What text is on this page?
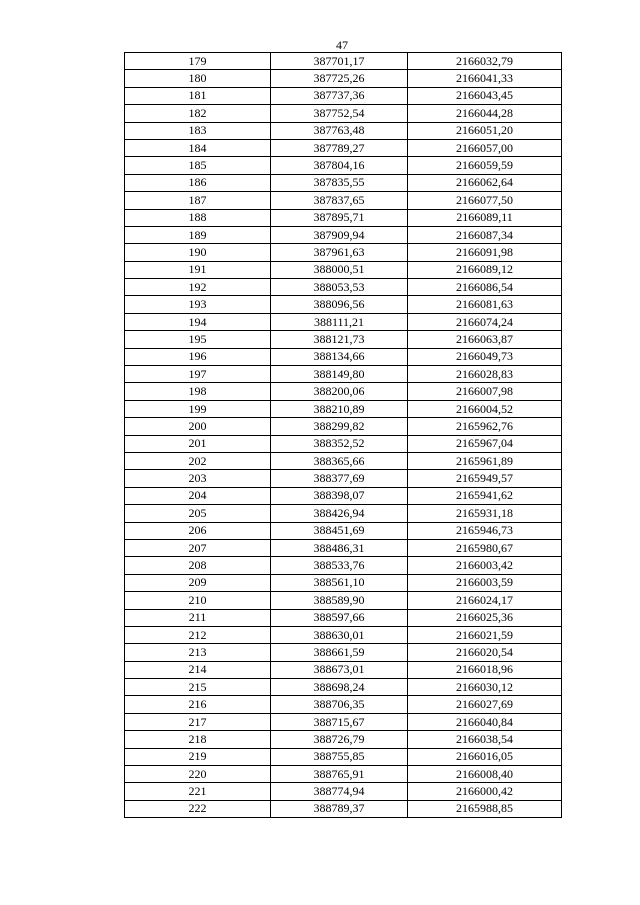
47
179	387701,17	2166032,79
180	387725,26	2166041,33
181	387737,36	2166043,45
182	387752,54	2166044,28
183	387763,48	2166051,20
184	387789,27	2166057,00
185	387804,16	2166059,59
186	387835,55	2166062,64
187	387837,65	2166077,50
188	387895,71	2166089,11
189	387909,94	2166087,34
190	387961,63	2166091,98
191	388000,51	2166089,12
192	388053,53	2166086,54
193	388096,56	2166081,63
194	388111,21	2166074,24
195	388121,73	2166063,87
196	388134,66	2166049,73
197	388149,80	2166028,83
198	388200,06	2166007,98
199	388210,89	2166004,52
200	388299,82	2165962,76
201	388352,52	2165967,04
202	388365,66	2165961,89
203	388377,69	2165949,57
204	388398,07	2165941,62
205	388426,94	2165931,18
206	388451,69	2165946,73
207	388486,31	2165980,67
208	388533,76	2166003,42
209	388561,10	2166003,59
210	388589,90	2166024,17
211	388597,66	2166025,36
212	388630,01	2166021,59
213	388661,59	2166020,54
214	388673,01	2166018,96
215	388698,24	2166030,12
216	388706,35	2166027,69
217	388715,67	2166040,84
218	388726,79	2166038,54
219	388755,85	2166016,05
220	388765,91	2166008,40
221	388774,94	2166000,42
222	388789,37	2165988,85
